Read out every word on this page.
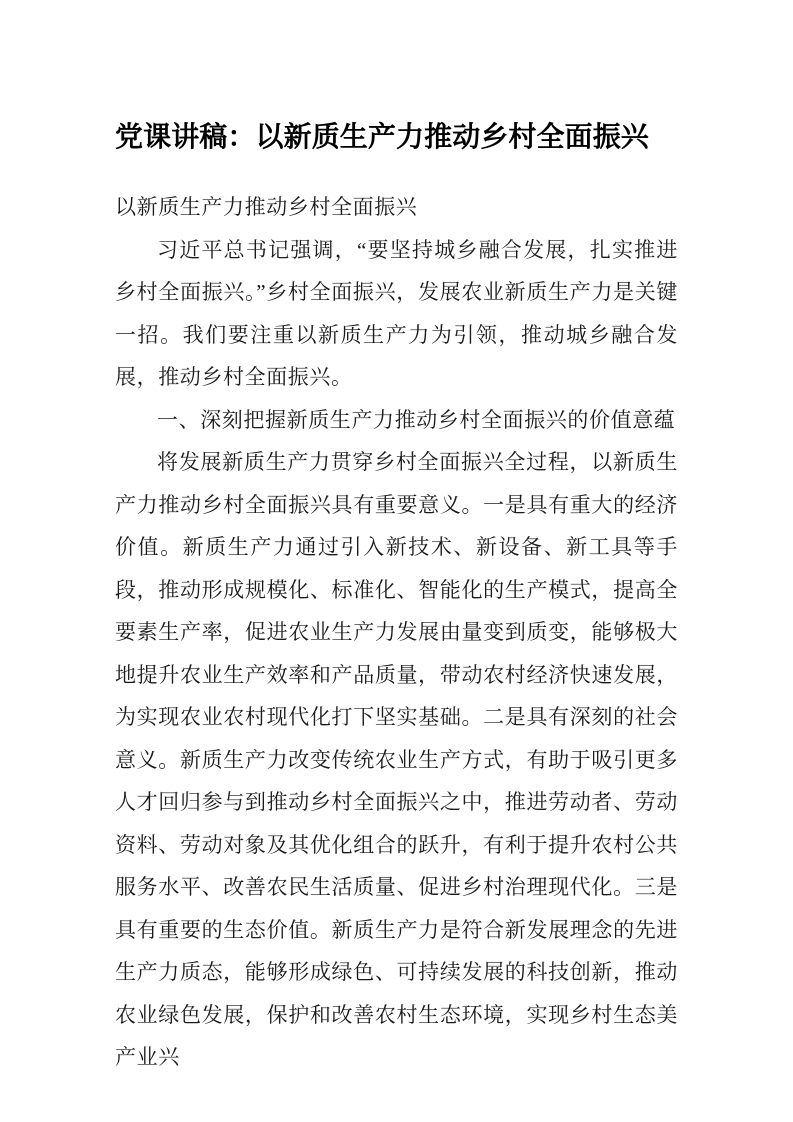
党课讲稿：以新质生产力推动乡村全面振兴

以新质生产力推动乡村全面振兴

习近平总书记强调，“要坚持城乡融合发展，扎实推进乡村全面振兴。”乡村全面振兴，发展农业新质生产力是关键一招。我们要注重以新质生产力为引领，推动城乡融合发展，推动乡村全面振兴。

一、深刻把握新质生产力推动乡村全面振兴的价值意蕴

将发展新质生产力贯穿乡村全面振兴全过程，以新质生产力推动乡村全面振兴具有重要意义。一是具有重大的经济价值。新质生产力通过引入新技术、新设备、新工具等手段，推动形成规模化、标准化、智能化的生产模式，提高全要素生产率，促进农业生产力发展由量变到质变，能够极大地提升农业生产效率和产品质量，带动农村经济快速发展，为实现农业农村现代化打下坚实基础。二是具有深刻的社会意义。新质生产力改变传统农业生产方式，有助于吸引更多人才回归参与到推动乡村全面振兴之中，推进劳动者、劳动资料、劳动对象及其优化组合的跃升，有利于提升农村公共服务水平、改善农民生活质量、促进乡村治理现代化。三是具有重要的生态价值。新质生产力是符合新发展理念的先进生产力质态，能够形成绿色、可持续发展的科技创新，推动农业绿色发展，保护和改善农村生态环境，实现乡村生态美产业兴
